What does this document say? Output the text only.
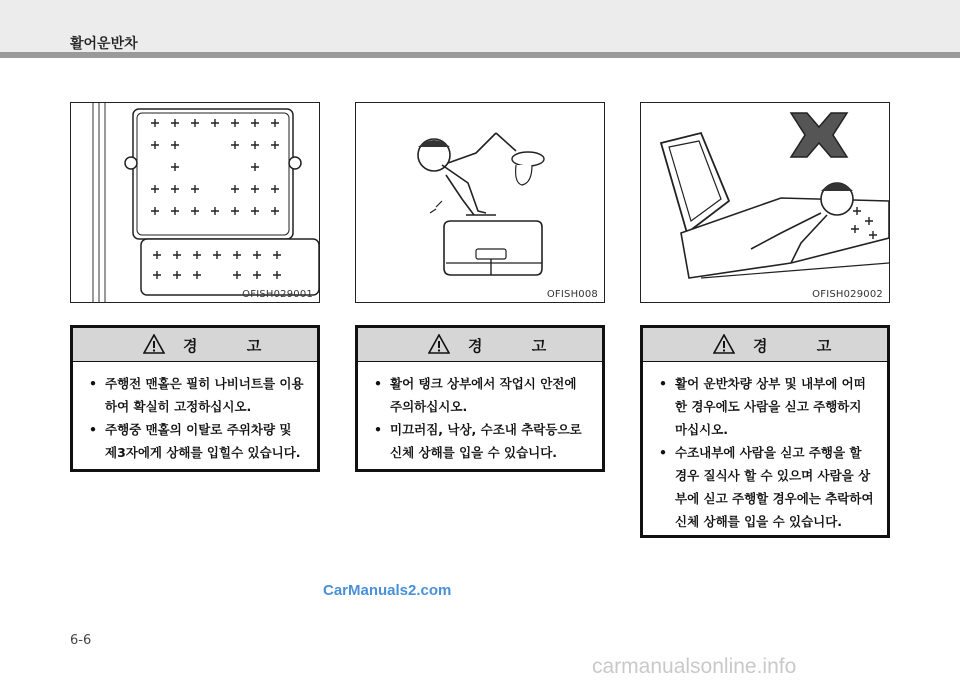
활어운반차
OFISH029001	OFISH008	OFISH029002
경 고
• 주행전 맨홀은 필히 나비너트를 이용 하여 확실히 고정하십시오.
• 주행중 맨홀의 이탈로 주위차량 및 제3자에게 상해를 입힐수 있습니다.
경 고
• 활어 탱크 상부에서 작업시 안전에 주의하십시오.
• 미끄러짐, 낙상, 수조내 추락등으로 신체 상해를 입을 수 있습니다.
경 고
• 활어 운반차량 상부 및 내부에 어떠한 경우에도 사람을 싣고 주행하지 마십시오.
• 수조내부에 사람을 싣고 주행을 할 경우 질식사 할 수 있으며 사람을 상부에 싣고 주행할 경우에는 추락하여 신체 상해를 입을 수 있습니다.
CarManuals2.com
6-6
carmanualsonline.info
